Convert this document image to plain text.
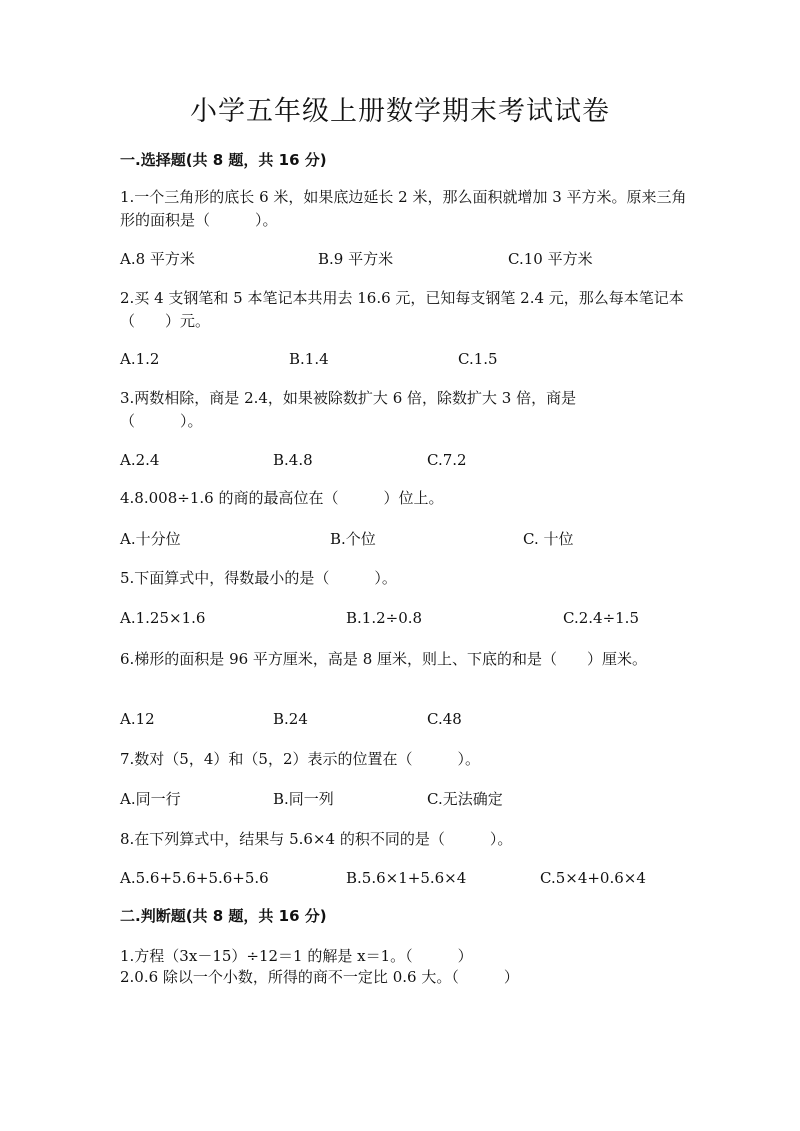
小学五年级上册数学期末考试试卷
一.选择题(共 8 题，共 16 分)
1.一个三角形的底长 6 米，如果底边延长 2 米，那么面积就增加 3 平方米。原来三角形的面积是（　　　）。
A.8 平方米	B.9 平方米	C.10 平方米
2.买 4 支钢笔和 5 本笔记本共用去 16.6 元，已知每支钢笔 2.4 元，那么每本笔记本（　　）元。
A.1.2	B.1.4	C.1.5
3.两数相除，商是 2.4，如果被除数扩大 6 倍，除数扩大 3 倍，商是（　　　）。
A.2.4	B.4.8	C.7.2
4.8.008÷1.6 的商的最高位在（　　　）位上。
A.十分位	B.个位	C. 十位
5.下面算式中，得数最小的是（　　　）。
A.1.25×1.6	B.1.2÷0.8	C.2.4÷1.5
6.梯形的面积是 96 平方厘米，高是 8 厘米，则上、下底的和是（　　）厘米。
A.12	B.24	C.48
7.数对（5，4）和（5，2）表示的位置在（　　　）。
A.同一行	B.同一列	C.无法确定
8.在下列算式中，结果与 5.6×4 的积不同的是（　　　）。
A.5.6+5.6+5.6+5.6	B.5.6×1+5.6×4	C.5×4+0.6×4
二.判断题(共 8 题，共 16 分)
1.方程（3x－15）÷12＝1 的解是 x＝1。（　　　）
2.0.6 除以一个小数，所得的商不一定比 0.6 大。（　　　）
